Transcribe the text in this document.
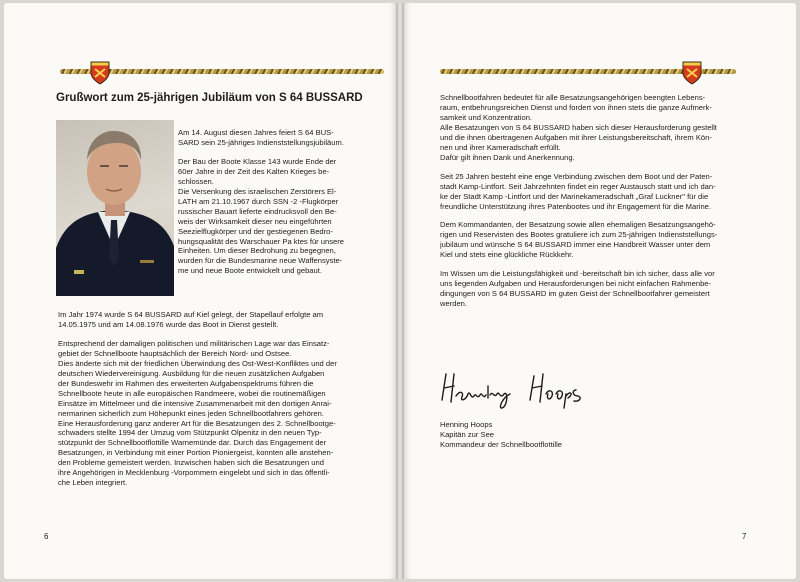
Grußwort zum 25-jährigen Jubiläum von S 64 BUSSARD

Am 14. August diesen Jahres feiert S 64 BUS-
SARD sein 25-jähriges Indienststellungsjubiläum.

Der Bau der Boote Klasse 143 wurde Ende der
60er Jahre in der Zeit des Kalten Krieges be-
schlossen.
Die Versenkung des israelischen Zerstörers El-
LATH am 21.10.1967 durch SSN -2 -Flugkörper
russischer Bauart lieferte eindrucksvoll den Be-
weis der Wirksamkeit dieser neu eingeführten
Seezielflugkörper und der gestiegenen Bedro-
hungsqualität des Warschauer Pa ktes für unsere
Einheiten. Um dieser Bedrohung zu begegnen,
wurden für die Bundesmarine neue Waffensyste-
me und neue Boote entwickelt und gebaut.

Im Jahr 1974 wurde S 64 BUSSARD auf Kiel gelegt, der Stapellauf erfolgte am
14.05.1975 und am 14.08.1976 wurde das Boot in Dienst gestellt.

Entsprechend der damaligen politischen und militärischen Lage war das Einsatz-
gebiet der Schnellboote hauptsächlich der Bereich Nord- und Ostsee.
Dies änderte sich mit der friedlichen Überwindung des Ost-West-Konfliktes und der
deutschen Wiedervereinigung. Ausbildung für die neuen zusätzlichen Aufgaben
der Bundeswehr im Rahmen des erweiterten Aufgabenspektrums führen die
Schnellboote heute in alle europäischen Randmeere, wobei die routinemäßigen
Einsätze im Mittelmeer und die intensive Zusammenarbeit mit den dortigen Anrai-
nermarinen sicherlich zum Höhepunkt eines jeden Schnellbootfahrers gehören.
Eine Herausforderung ganz anderer Art für die Besatzungen des 2. Schnellbootge-
schwaders stellte 1994 der Umzug vom Stützpunkt Olpenitz in den neuen Typ-
stützpunkt der Schnellbootflottille Warnemünde dar. Durch das Engagement der
Besatzungen, in Verbindung mit einer Portion Pioniergeist, konnten alle anstehen-
den Probleme gemeistert werden. Inzwischen haben sich die Besatzungen und
ihre Angehörigen in Mecklenburg -Vorpommern eingelebt und sich in das öffentli-
che Leben integriert.

6

Schnellbootfahren bedeutet für alle Besatzungsangehörigen beengten Lebens-
raum, entbehrungsreichen Dienst und fordert von ihnen stets die ganze Aufmerk-
samkeit und Konzentration.
Alle Besatzungen von S 64 BUSSARD haben sich dieser Herausforderung gestellt
und die ihnen übertragenen Aufgaben mit ihrer Leistungsbereitschaft, ihrem Kön-
nen und ihrer Kameradschaft erfüllt.
Dafür gilt ihnen Dank und Anerkennung.

Seit 25 Jahren besteht eine enge Verbindung zwischen dem Boot und der Paten-
stadt Kamp-Lintfort. Seit Jahrzehnten findet ein reger Austausch statt und ich dan-
ke der Stadt Kamp -Lintfort und der Marinekameradschaft „Graf Luckner" für die
freundliche Unterstützung ihres Patenbootes und ihr Engagement für die Marine.

Dem Kommandanten, der Besatzung sowie allen ehemaligen Besatzungsangehö-
rigen und Reservisten des Bootes gratuliere ich zum 25-jährigen Indienststellungs-
jubiläum und wünsche S 64 BUSSARD immer eine Handbreit Wasser unter dem
Kiel und stets eine glückliche Rückkehr.

Im Wissen um die Leistungsfähigkeit und -bereitschaft bin ich sicher, dass alle vor
uns liegenden Aufgaben und Herausforderungen bei nicht einfachen Rahmenbe-
dingungen von S 64 BUSSARD im guten Geist der Schnellbootfahrer gemeistert
werden.

Henning Hoops
Kapitän zur See
Kommandeur der Schnellbootflottille
7
